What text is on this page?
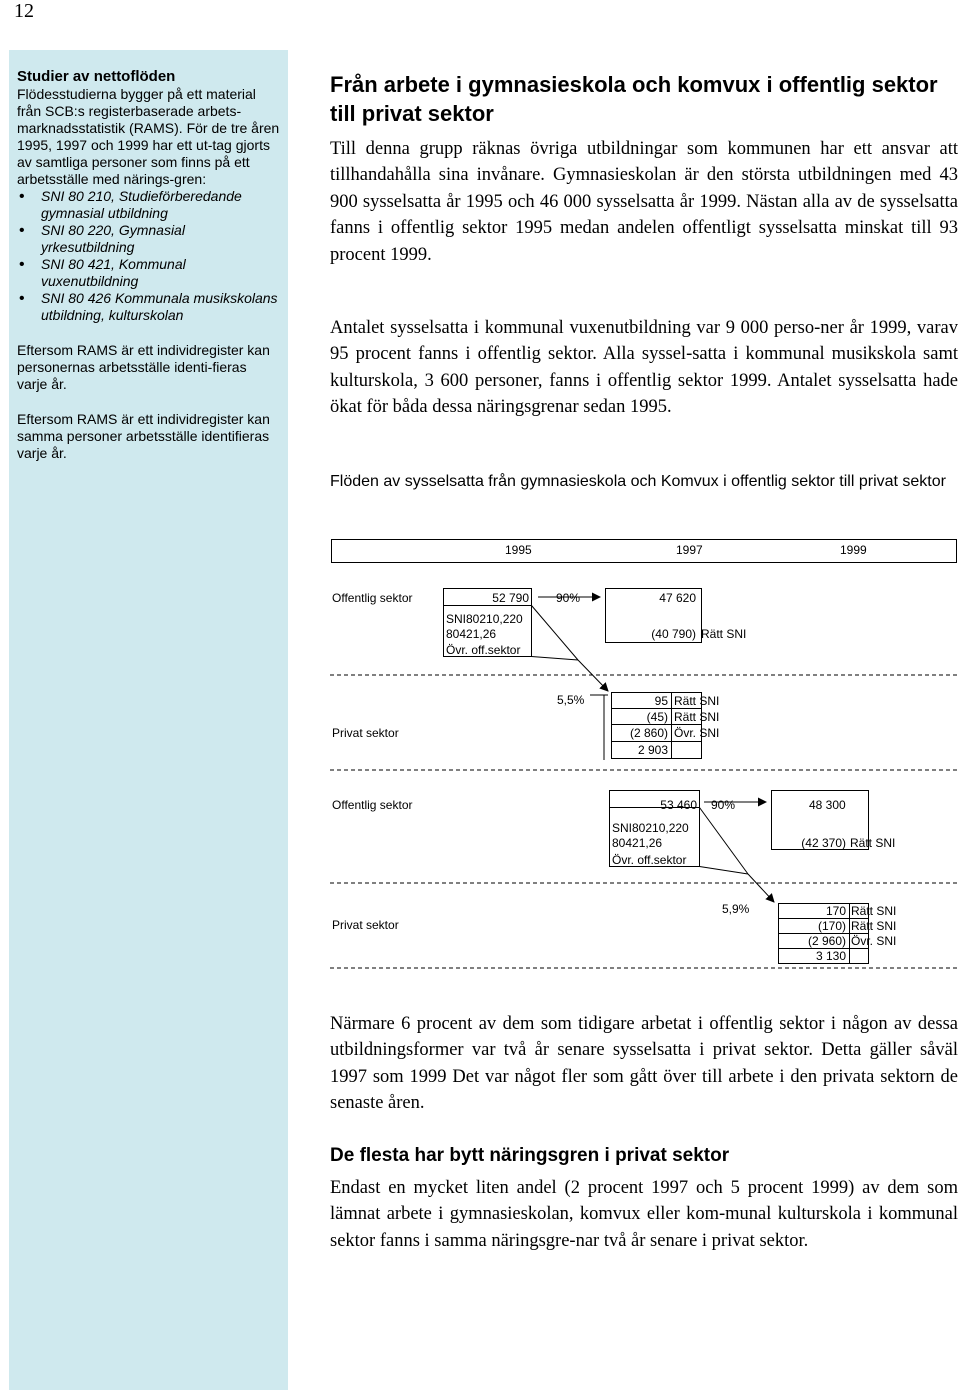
12

Studier av nettoflöden

Flödesstudierna bygger på ett material från SCB:s registerbaserade arbets-marknadsstatistik (RAMS). För de tre åren 1995, 1997 och 1999 har ett ut-tag gjorts av samtliga personer som finns på ett arbetsställe med närings-gren:

• SNI 80 210, Studieförberedande gymnasial utbildning
• SNI 80 220, Gymnasial yrkesutbildning
• SNI 80 421, Kommunal vuxenutbildning
• SNI 80 426 Kommunala musikskolans utbildning, kulturskolan

Eftersom RAMS är ett individregister kan personernas arbetsställe identi-fieras varje år.

Eftersom RAMS är ett individregister kan samma personer arbetsställe identifieras varje år.

Från arbete i gymnasieskola och komvux i offentlig sektor till privat sektor

Till denna grupp räknas övriga utbildningar som kommunen har ett ansvar att tillhandahålla sina invånare. Gymnasieskolan är den största utbildningen med 43 900 sysselsatta år 1995 och 46 000 sysselsatta år 1999. Nästan alla av de sysselsatta fanns i offentlig sektor 1995 medan andelen offentligt sysselsatta minskat till 93 procent 1999.

Antalet sysselsatta i kommunal vuxenutbildning var 9 000 perso-ner år 1999, varav 95 procent fanns i offentlig sektor. Alla syssel-satta i kommunal musikskola samt kulturskola, 3 600 personer, fanns i offentlig sektor 1999. Antalet sysselsatta hade ökat för båda dessa näringsgrenar sedan 1995.

Flöden av sysselsatta från gymnasieskola och Komvux i offentlig sektor till privat sektor

1995	1997	1999
Offentlig sektor	52 790 90%	47 620
SNI80210,220
80421,26
Övr. off.sektor
(40 790) Rätt SNI
5,5%
Privat sektor
95 Rätt SNI
(45) Rätt SNI
(2 860) Övr. SNI
2 903
Offentlig sektor	53 460 90%	48 300
SNI80210,220
80421,26
Övr. off.sektor
(42 370) Rätt SNI
5,9%
Privat sektor
170 Rätt SNI
(170) Rätt SNI
(2 960) Övr. SNI
3 130

Närmare 6 procent av dem som tidigare arbetat i offentlig sektor i någon av dessa utbildningsformer var två år senare sysselsatta i privat sektor. Detta gäller såväl 1997 som 1999 Det var något fler som gått över till arbete i den privata sektorn de senaste åren.

De flesta har bytt näringsgren i privat sektor

Endast en mycket liten andel (2 procent 1997 och 5 procent 1999) av dem som lämnat arbete i gymnasieskolan, komvux eller kom-munal kulturskola i kommunal sektor fanns i samma näringsgre-nar två år senare i privat sektor.
